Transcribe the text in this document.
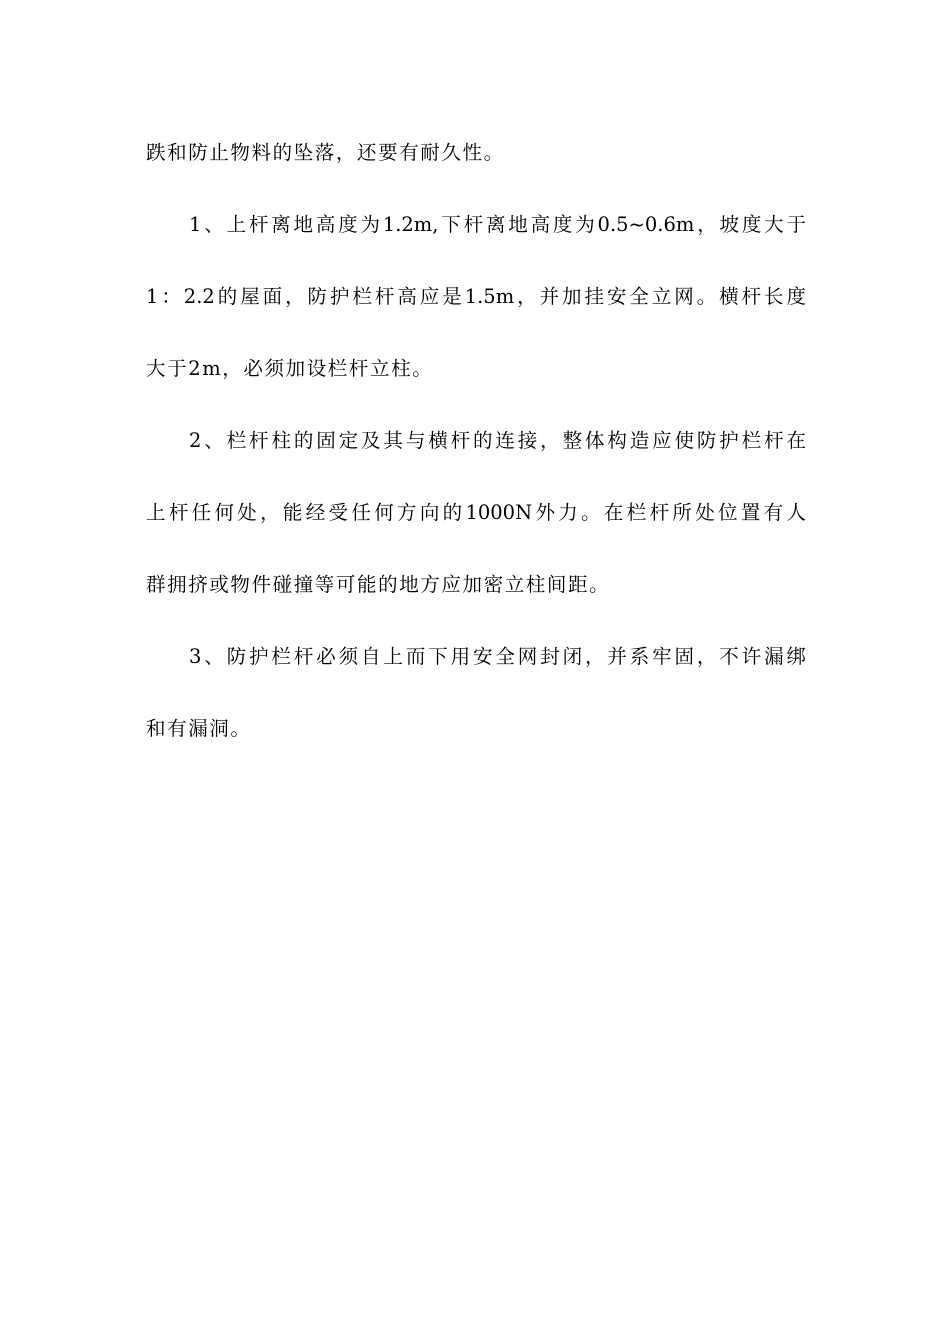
跌和防止物料的坠落，还要有耐久性。
1、上杆离地高度为1.2m,下杆离地高度为0.5~0.6m，坡度大于
1：2.2的屋面，防护栏杆高应是1.5m，并加挂安全立网。横杆长度
大于2m，必须加设栏杆立柱。
2、栏杆柱的固定及其与横杆的连接，整体构造应使防护栏杆在
上杆任何处，能经受任何方向的1000N外力。在栏杆所处位置有人
群拥挤或物件碰撞等可能的地方应加密立柱间距。
3、防护栏杆必须自上而下用安全网封闭，并系牢固，不许漏绑
和有漏洞。
